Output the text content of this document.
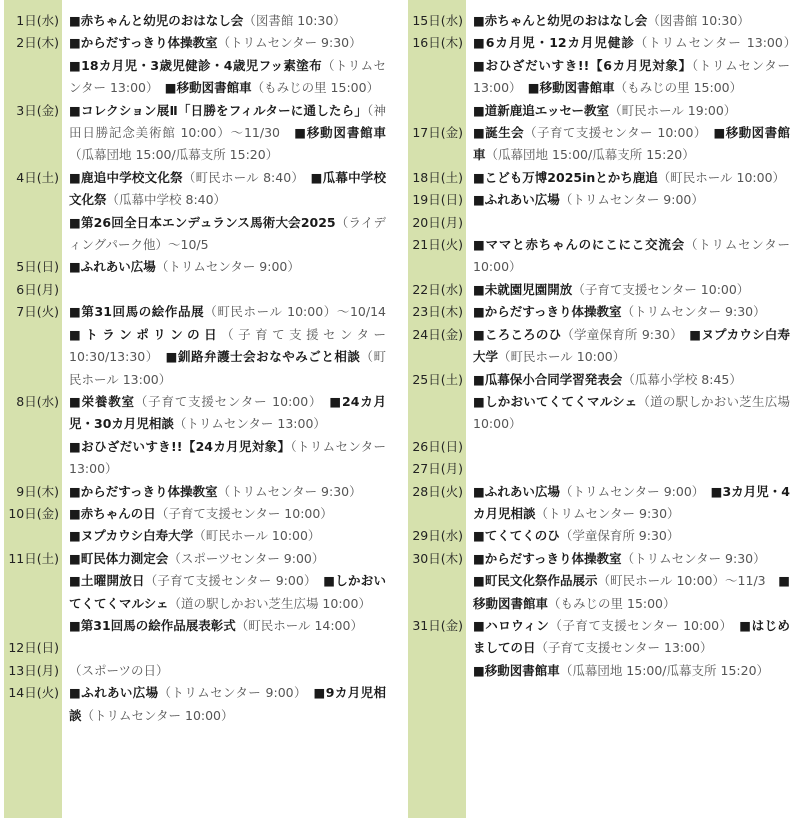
1日(水) ■赤ちゃんと幼児のおはなし会（図書館 10:30）
2日(木) ■からだすっきり体操教室（トリムセンター 9:30）
■18カ月児・3歳児健診・4歳児フッ素塗布（トリムセンター 13:00）　 ■移動図書館車（もみじの里 15:00）
3日(金) ■コレクション展Ⅱ「日勝をフィルターに通したら」（神田日勝記念美術館 10:00）～11/30　 ■移動図書館車（瓜幕団地 15:00/瓜幕支所 15:20）
4日(土) ■鹿追中学校文化祭（町民ホール 8:40）　 ■瓜幕中学校文化祭（瓜幕中学校 8:40）
■第26回全日本エンデュランス馬術大会2025（ライディングパーク他）～10/5
5日(日) ■ふれあい広場（トリムセンター 9:00）
6日(月)

7日(火) ■第31回馬の絵作品展（町民ホール 10:00）～10/14　■トランポリンの日（子育て支援センター 10:30/13:30）　 ■釧路弁護士会おなやみごと相談（町民ホール 13:00）
8日(水) ■栄養教室（子育て支援センター 10:00）　 ■24カ月児・30カ月児相談（トリムセンター 13:00）
■おひざだいすき!!【24カ月児対象】（トリムセンター 13:00）
9日(木) ■からだすっきり体操教室（トリムセンター 9:30）
10日(金) ■赤ちゃんの日（子育て支援センター 10:00）
■ヌプカウシ白寿大学（町民ホール 10:00）
11日(土) ■町民体力測定会（スポーツセンター 9:00）
■土曜開放日（子育て支援センター 9:00）　 ■しかおいてくてくマルシェ（道の駅しかおい芝生広場 10:00）
■第31回馬の絵作品展表彰式（町民ホール 14:00）
12日(日)

13日(月) （スポーツの日）
14日(火) ■ふれあい広場（トリムセンター 9:00）　 ■9カ月児相談（トリムセンター 10:00）
15日(水) ■赤ちゃんと幼児のおはなし会（図書館 10:30）
16日(木) ■6カ月児・12カ月児健診（トリムセンター 13:00）　■おひざだいすき!!【6カ月児対象】（トリムセンター 13:00）　 ■移動図書館車（もみじの里 15:00）
■道新鹿追エッセー教室（町民ホール 19:00）
17日(金) ■誕生会（子育て支援センター 10:00）　 ■移動図書館車（瓜幕団地 15:00/瓜幕支所 15:20）
18日(土) ■こども万博2025inとかち鹿追（町民ホール 10:00）
19日(日) ■ふれあい広場（トリムセンター 9:00）
20日(月)

21日(火) ■ママと赤ちゃんのにこにこ交流会（トリムセンター 10:00）
22日(水) ■未就園児園開放（子育て支援センター 10:00）
23日(木) ■からだすっきり体操教室（トリムセンター 9:30）
24日(金) ■ころころのひ（学童保育所 9:30）　 ■ヌプカウシ白寿大学（町民ホール 10:00）
25日(土) ■瓜幕保小合同学習発表会（瓜幕小学校 8:45）
■しかおいてくてくマルシェ（道の駅しかおい芝生広場 10:00）
26日(日)

27日(月)

28日(火) ■ふれあい広場（トリムセンター 9:00）　 ■3カ月児・4カ月児相談（トリムセンター 9:30）
29日(水) ■てくてくのひ（学童保育所 9:30）
30日(木) ■からだすっきり体操教室（トリムセンター 9:30）
■町民文化祭作品展示（町民ホール 10:00）～11/3　 ■移動図書館車（もみじの里 15:00）
31日(金) ■ハロウィン（子育て支援センター 10:00）　 ■はじめましての日（子育て支援センター 13:00）
■移動図書館車（瓜幕団地 15:00/瓜幕支所 15:20）
